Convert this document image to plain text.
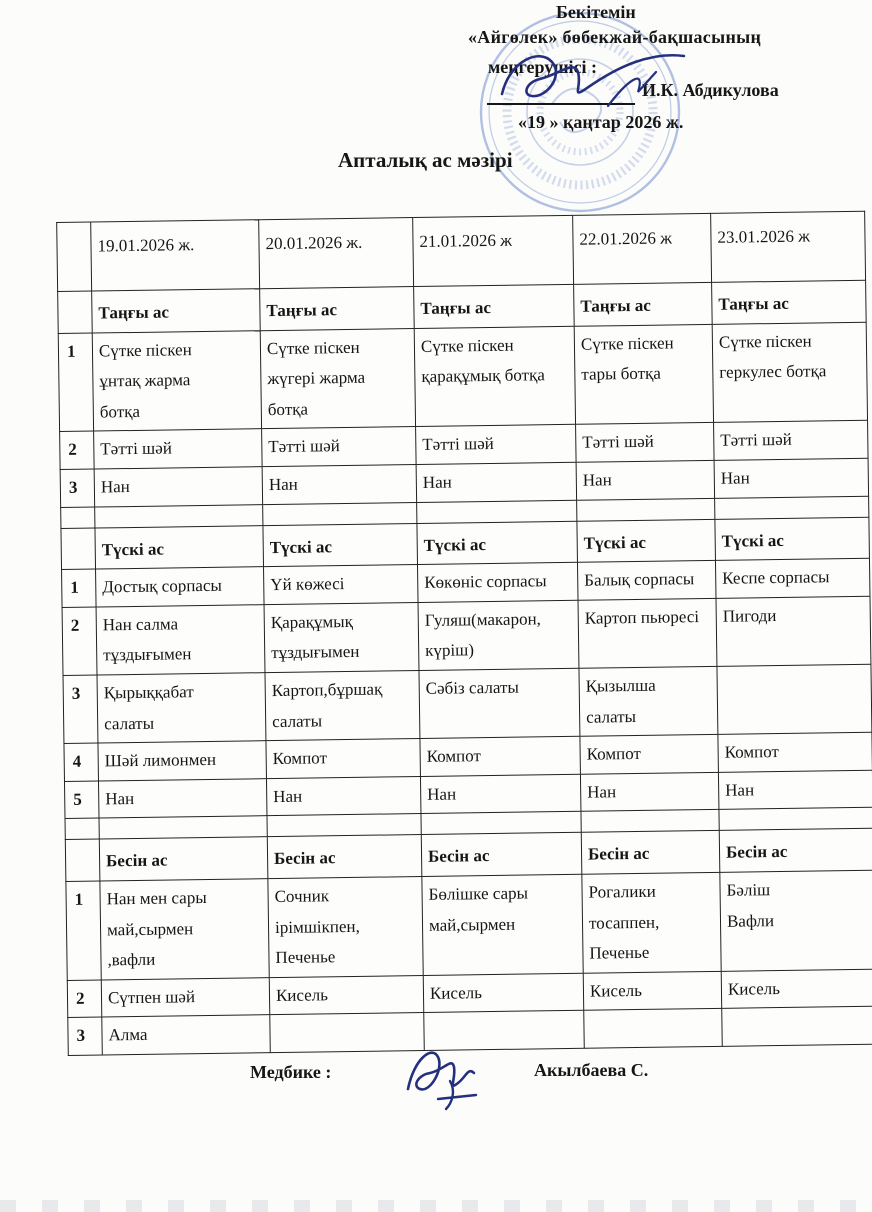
Бекітемін
«Айгөлек» бөбекжай-бақшасының
меңгерушісі :
И.К. Абдикулова
«19 » қаңтар 2026 ж.
Апталық ас мәзірі
	19.01.2026 ж.	20.01.2026 ж.	21.01.2026 ж	22.01.2026 ж	23.01.2026 ж
	Таңғы ас	Таңғы ас	Таңғы ас	Таңғы ас	Таңғы ас
1	Сүтке піскен
ұнтақ жарма
ботқа	Сүтке піскен
жүгері жарма
ботқа	Сүтке піскен
қарақұмық ботқа	Сүтке піскен
тары ботқа	Сүтке піскен
геркулес ботқа
2	Тәтті шәй	Тәтті шәй	Тәтті шәй	Тәтті шәй	Тәтті шәй
3	Нан	Нан	Нан	Нан	Нан

	Түскі ас	Түскі ас	Түскі ас	Түскі ас	Түскі ас
1	Достық сорпасы	Үй көжесі	Көкөніс сорпасы	Балық сорпасы	Кеспе сорпасы
2	Нан салма
тұздығымен	Қарақұмық
тұздығымен	Гуляш(макарон,
күріш)	Картоп пьюресі	Пигоди
3	Қырыққабат
салаты	Картоп,бұршақ
салаты	Сәбіз салаты	Қызылша
салаты	
4	Шәй лимонмен	Компот	Компот	Компот	Компот
5	Нан	Нан	Нан	Нан	Нан

	Бесін ас	Бесін ас	Бесін ас	Бесін ас	Бесін ас
1	Нан мен сары
май,сырмен
,вафли	Сочник
ірімшікпен,
Печенье	Бөлішке сары
май,сырмен	Рогалики
тосаппен,
Печенье	Бәліш
Вафли
2	Сүтпен шәй	Кисель	Кисель	Кисель	Кисель
3	Алма				
Медбике :	Акылбаева С.
